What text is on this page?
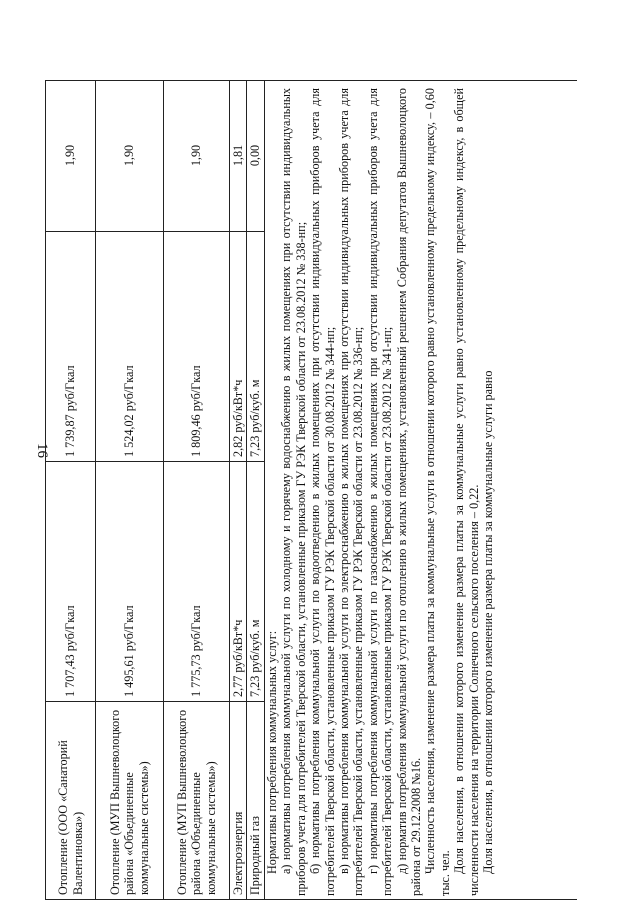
16
Отопление (ООО «Санаторий Валентиновка»)	1 707,43 руб/Гкал	1 739,87 руб/Гкал	1,90
Отопление (МУП Вышневолоцкого района «Объединенные коммунальные системы»)	1 495,61 руб/Гкал	1 524,02 руб/Гкал	1,90
Отопление (МУП Вышневолоцкого района «Объединенные коммунальные системы»)	1 775,73 руб/Гкал	1 809,46 руб/Гкал	1,90
Электроэнергия	2,77 руб/кВт*ч	2,82 руб/кВт*ч	1,81
Природный газ	7,23 руб/куб. м	7,23 руб/куб. м	0,00

Нормативы потребления коммунальных услуг: а) нормативы потребления коммунальной услуги по холодному и горячему водоснабжению в жилых помещениях при отсутствии индивидуальных приборов учета для потребителей Тверской области, установленные приказом ГУ РЭК Тверской области от 23.08.2012 № 338-нп; б) нормативы потребления коммунальной услуги по водоотведению в жилых помещениях при отсутствии индивидуальных приборов учета для потребителей Тверской области, установленные приказом ГУ РЭК Тверской области от 30.08.2012 № 344-нп; в) нормативы потребления коммунальной услуги по электроснабжению в жилых помещениях при отсутствии индивидуальных приборов учета для потребителей Тверской области, установленные приказом ГУ РЭК Тверской области от 23.08.2012 № 336-нп; г) нормативы потребления коммунальной услуги по газоснабжению в жилых помещениях при отсутствии индивидуальных приборов учета для потребителей Тверской области, установленные приказом ГУ РЭК Тверской области от 23.08.2012 № 341-нп; д) норматив потребления коммунальной услуги по отоплению в жилых помещениях, установленный решением Собрания депутатов Вышневолоцкого района от 29.12.2008 №16. Численность населения, изменение размера платы за коммунальные услуги в отношении которого равно установленному предельному индексу, – 0,60 тыс. чел. Доля населения, в отношении которого изменение размера платы за коммунальные услуги равно установленному предельному индексу, в общей численности населения на территории Солнечного сельского поселения – 0,22. Доля населения, в отношении которого изменение размера платы за коммунальные услуги равно
